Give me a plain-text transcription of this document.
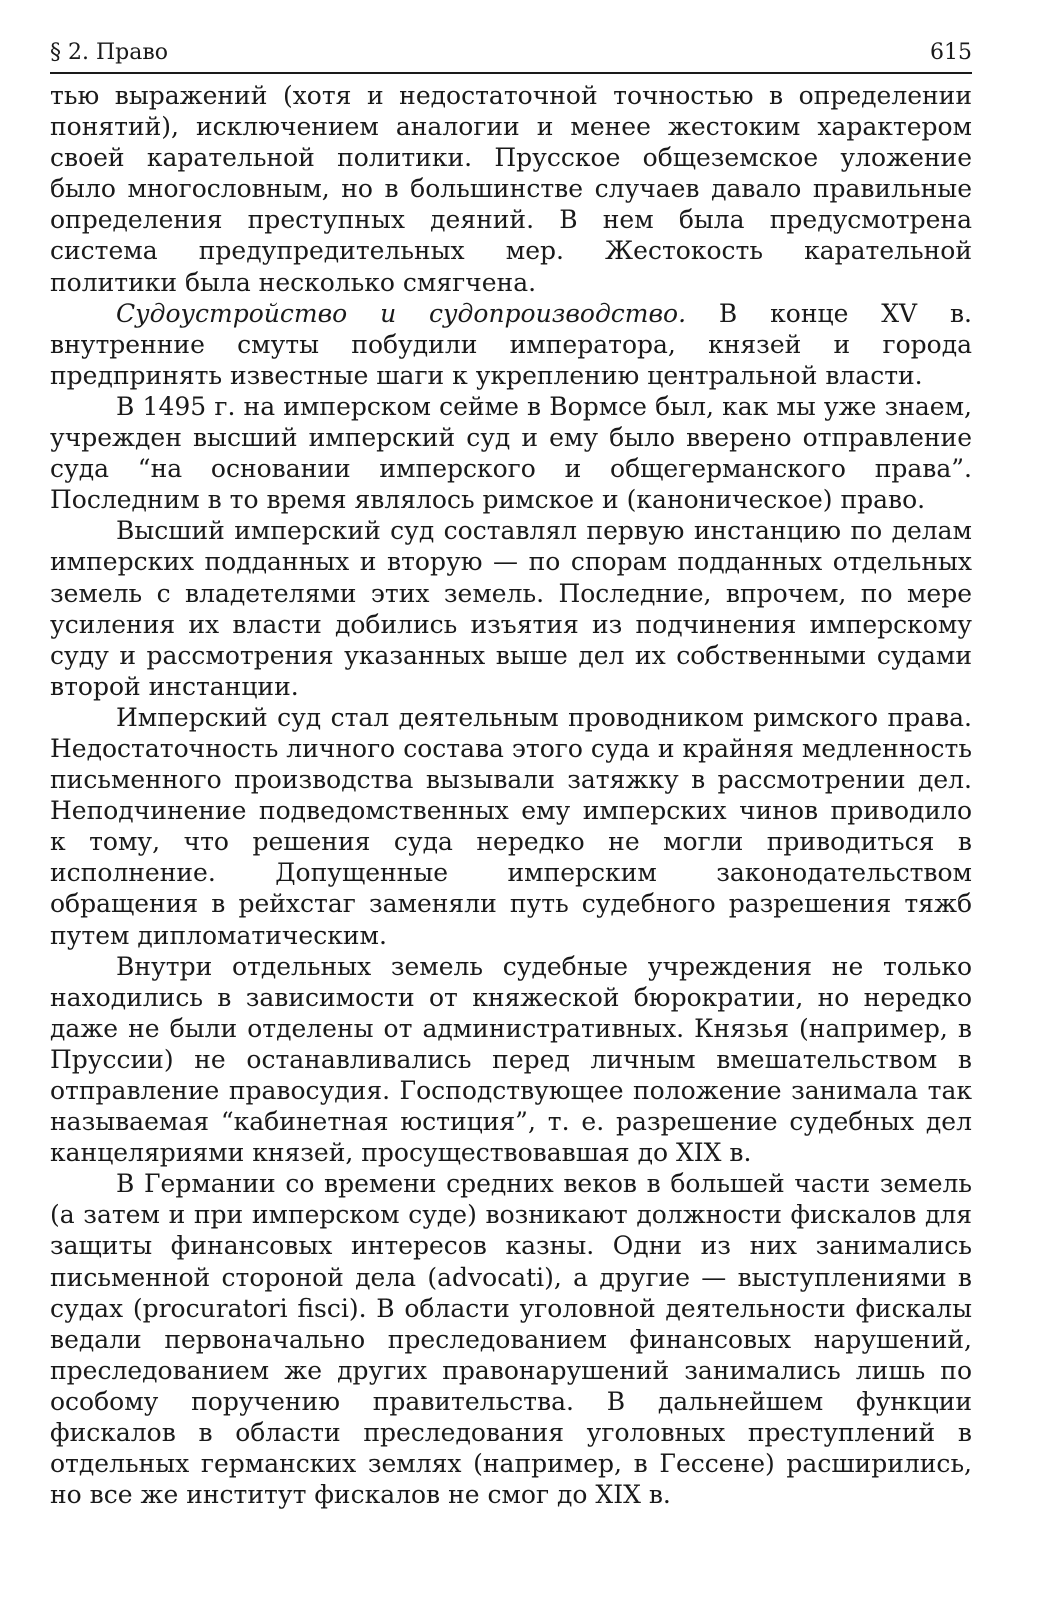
§ 2. Право	615

тью выражений (хотя и недостаточной точностью в определении понятий), исключением аналогии и менее жестоким характером своей карательной политики. Прусское общеземское уложение было многословным, но в большинстве случаев давало правильные определения преступных деяний. В нем была предусмотрена система предупредительных мер. Жестокость карательной политики была несколько смягчена.

Судоустройство и судопроизводство. В конце XV в. внутренние смуты побудили императора, князей и города предпринять известные шаги к укреплению центральной власти.

В 1495 г. на имперском сейме в Вормсе был, как мы уже знаем, учрежден высший имперский суд и ему было вверено отправление суда “на основании имперского и общегерманского права”. Последним в то время являлось римское и (каноническое) право.

Высший имперский суд составлял первую инстанцию по делам имперских подданных и вторую — по спорам подданных отдельных земель с владетелями этих земель. Последние, впрочем, по мере усиления их власти добились изъятия из подчинения имперскому суду и рассмотрения указанных выше дел их собственными судами второй инстанции.

Имперский суд стал деятельным проводником римского права. Недостаточность личного состава этого суда и крайняя медленность письменного производства вызывали затяжку в рассмотрении дел. Неподчинение подведомственных ему имперских чинов приводило к тому, что решения суда нередко не могли приводиться в исполнение. Допущенные имперским законодательством обращения в рейхстаг заменяли путь судебного разрешения тяжб путем дипломатическим.

Внутри отдельных земель судебные учреждения не только находились в зависимости от княжеской бюрократии, но нередко даже не были отделены от административных. Князья (например, в Пруссии) не останавливались перед личным вмешательством в отправление правосудия. Господствующее положение занимала так называемая “кабинетная юстиция”, т. е. разрешение судебных дел канцеляриями князей, просуществовавшая до XIX в.

В Германии со времени средних веков в большей части земель (а затем и при имперском суде) возникают должности фискалов для защиты финансовых интересов казны. Одни из них занимались письменной стороной дела (advocati), а другие — выступлениями в судах (procuratori fisci). В области уголовной деятельности фискалы ведали первоначально преследованием финансовых нарушений, преследованием же других правонарушений занимались лишь по особому поручению правительства. В дальнейшем функции фискалов в области преследования уголовных преступлений в отдельных германских землях (например, в Гессене) расширились, но все же институт фискалов не смог до XIX в.
